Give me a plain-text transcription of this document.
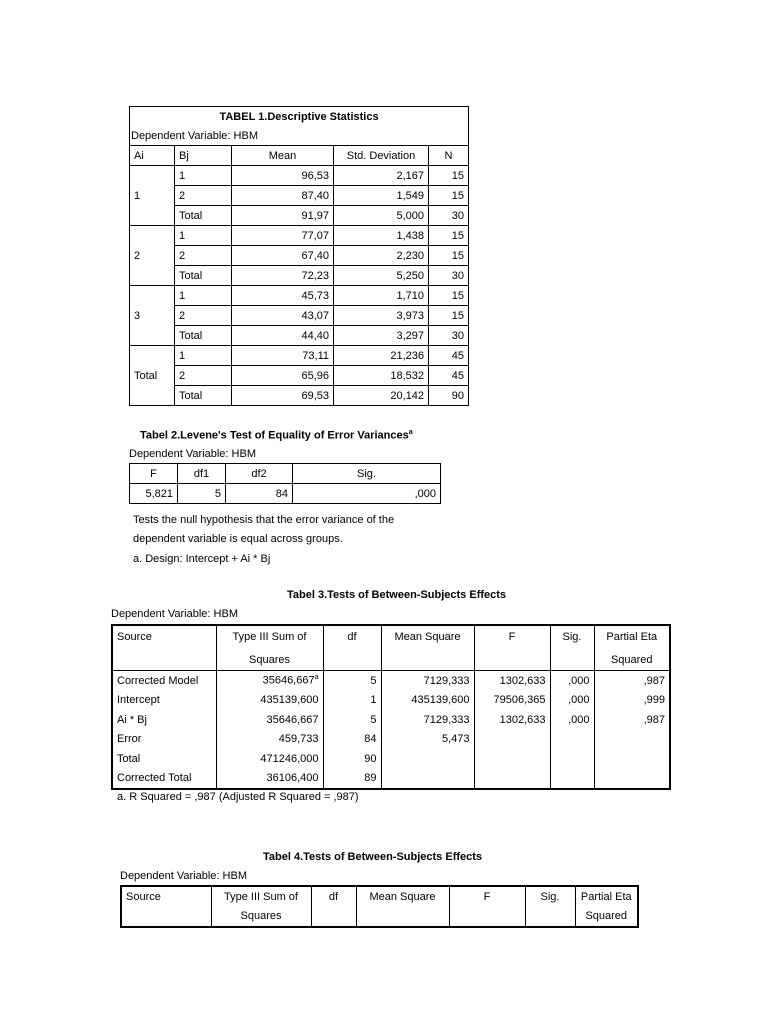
TABEL 1.Descriptive Statistics				
Dependent Variable: HBM				
Ai	Bj	Mean	Std. Deviation	N
1	1	96,53	2,167	15
	2	87,40	1,549	15
	Total	91,97	5,000	30
2	1	77,07	1,438	15
	2	67,40	2,230	15
	Total	72,23	5,250	30
3	1	45,73	1,710	15
	2	43,07	3,973	15
	Total	44,40	3,297	30
Total	1	73,11	21,236	45
	2	65,96	18,532	45
	Total	69,53	20,142	90
Tabel 2.Levene's Test of Equality of Error Variances$^a$
Dependent Variable: HBM
F	df1	df2	Sig.
5,821	5	84	,000
Tests the null hypothesis that the error variance of the
dependent variable is equal across groups.
a. Design: Intercept + Ai * Bj
Tabel 3.Tests of Between-Subjects Effects
Dependent Variable: HBM
Source	Type III Sum of	df	Mean Square	F	Sig.	Partial Eta
	Squares					Squared
Corrected Model	35646,667$^a$	5	7129,333	1302,633	,000	,987
Intercept	435139,600	1	435139,600	79506,365	,000	,999
Ai * Bj	35646,667	5	7129,333	1302,633	,000	,987
Error	459,733	84	5,473			
Total	471246,000	90				
Corrected Total	36106,400	89				
a. R Squared = ,987 (Adjusted R Squared = ,987)
Tabel 4.Tests of Between-Subjects Effects
Dependent Variable: HBM
Source	Type III Sum of	df	Mean Square	F	Sig.	Partial Eta
	Squares					Squared
